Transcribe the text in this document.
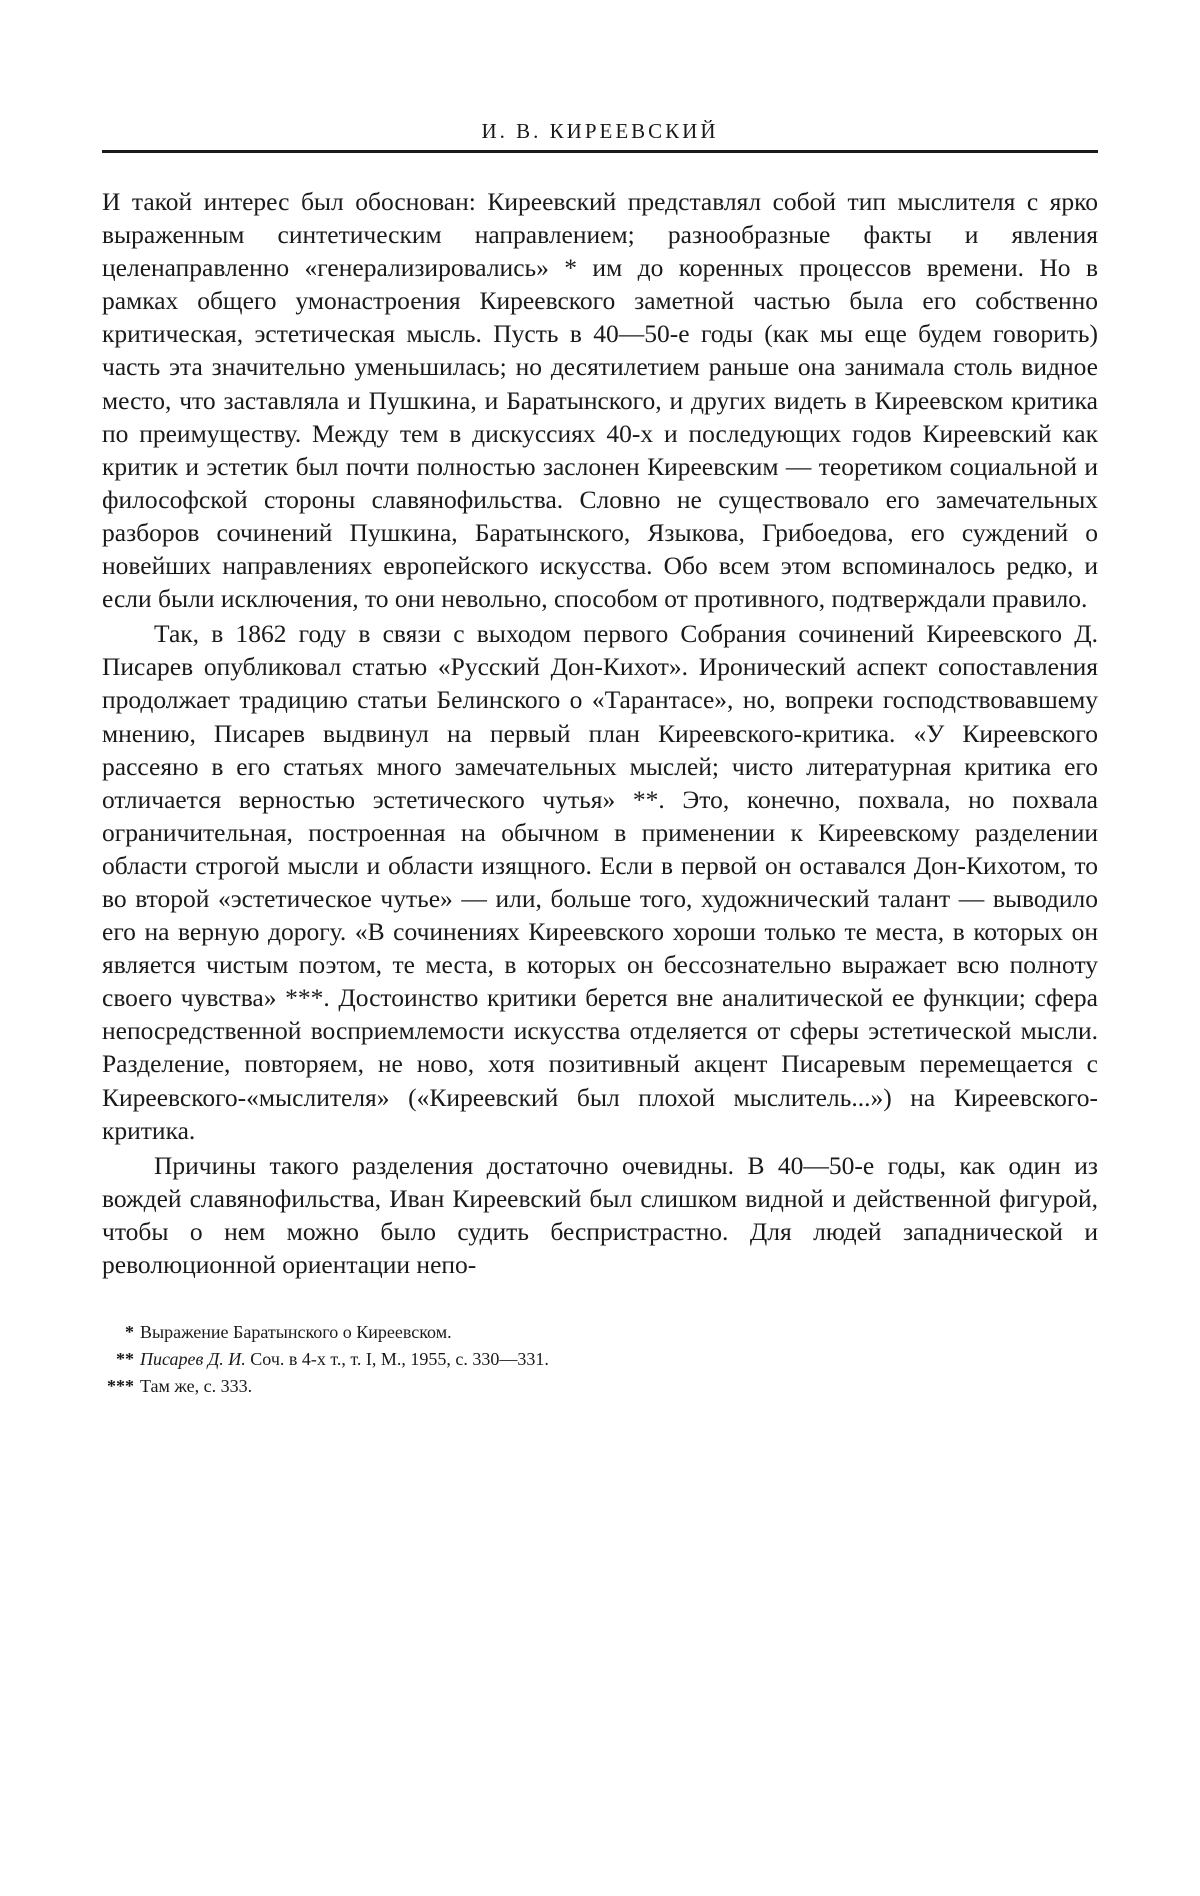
И. В. КИРЕЕВСКИЙ

И такой интерес был обоснован: Киреевский представлял собой тип мыслителя с ярко выраженным синтетическим направлением; разнообразные факты и явления целенаправленно «генерализировались» * им до коренных процессов времени. Но в рамках общего умонастроения Киреевского заметной частью была его собственно критическая, эстетическая мысль. Пусть в 40—50-е годы (как мы еще будем говорить) часть эта значительно уменьшилась; но десятилетием раньше она занимала столь видное место, что заставляла и Пушкина, и Баратынского, и других видеть в Киреевском критика по преимуществу. Между тем в дискуссиях 40-х и последующих годов Киреевский как критик и эстетик был почти полностью заслонен Киреевским — теоретиком социальной и философской стороны славянофильства. Словно не существовало его замечательных разборов сочинений Пушкина, Баратынского, Языкова, Грибоедова, его суждений о новейших направлениях европейского искусства. Обо всем этом вспоминалось редко, и если были исключения, то они невольно, способом от противного, подтверждали правило.

Так, в 1862 году в связи с выходом первого Собрания сочинений Киреевского Д. Писарев опубликовал статью «Русский Дон-Кихот». Иронический аспект сопоставления продолжает традицию статьи Белинского о «Тарантасе», но, вопреки господствовавшему мнению, Писарев выдвинул на первый план Киреевского-критика. «У Киреевского рассеяно в его статьях много замечательных мыслей; чисто литературная критика его отличается верностью эстетического чутья» **. Это, конечно, похвала, но похвала ограничительная, построенная на обычном в применении к Киреевскому разделении области строгой мысли и области изящного. Если в первой он оставался Дон-Кихотом, то во второй «эстетическое чутье» — или, больше того, художнический талант — выводило его на верную дорогу. «В сочинениях Киреевского хороши только те места, в которых он является чистым поэтом, те места, в которых он бессознательно выражает всю полноту своего чувства» ***. Достоинство критики берется вне аналитической ее функции; сфера непосредственной восприемлемости искусства отделяется от сферы эстетической мысли. Разделение, повторяем, не ново, хотя позитивный акцент Писаревым перемещается с Киреевского-«мыслителя» («Киреевский был плохой мыслитель...») на Киреевского-критика.

Причины такого разделения достаточно очевидны. В 40—50-е годы, как один из вождей славянофильства, Иван Киреевский был слишком видной и действенной фигурой, чтобы о нем можно было судить беспристрастно. Для людей западнической и революционной ориентации непо-

* Выражение Баратынского о Киреевском.
** Писарев Д. И. Соч. в 4-х т., т. I, М., 1955, с. 330—331.
*** Там же, с. 333.
